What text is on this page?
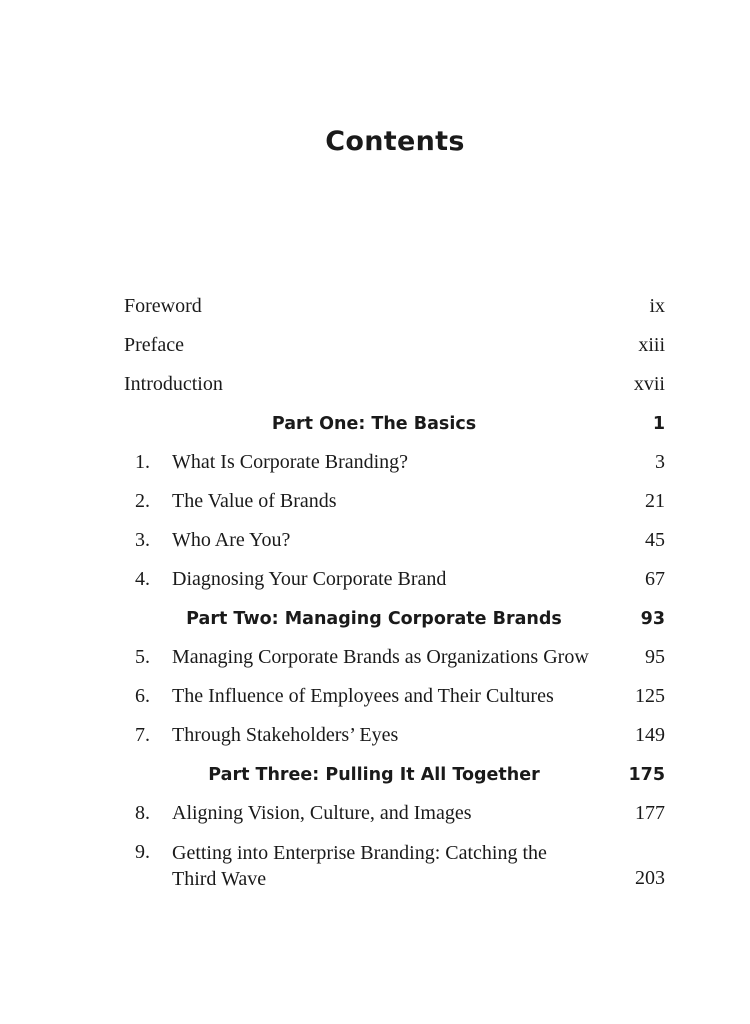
Contents
Foreword	ix
Preface	xiii
Introduction	xvii
Part One: The Basics	1
1. What Is Corporate Branding?	3
2. The Value of Brands	21
3. Who Are You?	45
4. Diagnosing Your Corporate Brand	67
Part Two: Managing Corporate Brands	93
5. Managing Corporate Brands as Organizations Grow	95
6. The Influence of Employees and Their Cultures	125
7. Through Stakeholders’ Eyes	149
Part Three: Pulling It All Together	175
8. Aligning Vision, Culture, and Images	177
9. Getting into Enterprise Branding: Catching the Third Wave	203
